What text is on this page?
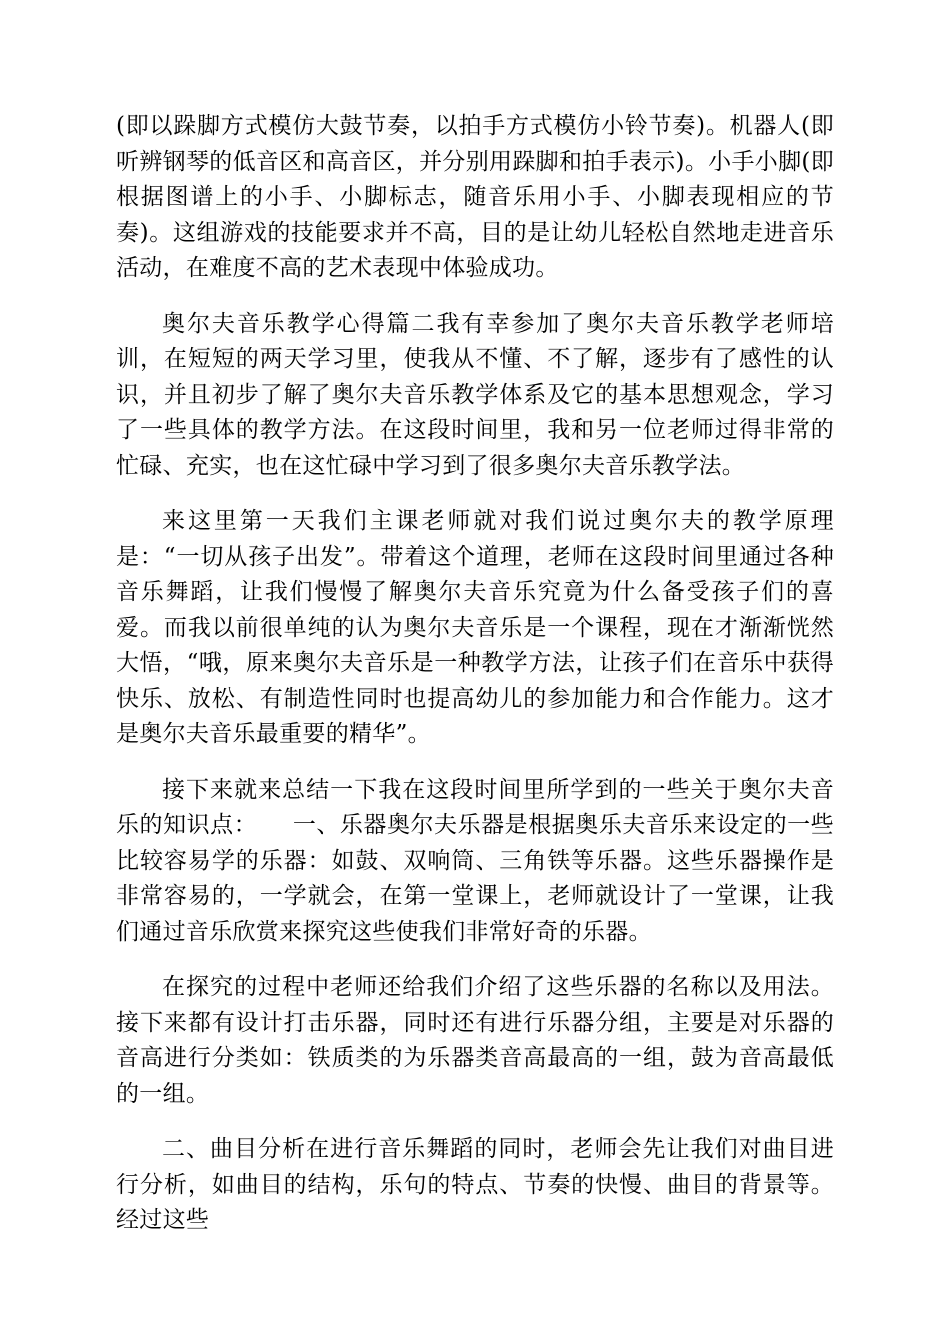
(即以跺脚方式模仿大鼓节奏，以拍手方式模仿小铃节奏)。机器人(即听辨钢琴的低音区和高音区，并分别用跺脚和拍手表示)。小手小脚(即根据图谱上的小手、小脚标志，随音乐用小手、小脚表现相应的节奏)。这组游戏的技能要求并不高，目的是让幼儿轻松自然地走进音乐活动，在难度不高的艺术表现中体验成功。

奥尔夫音乐教学心得篇二我有幸参加了奥尔夫音乐教学老师培训，在短短的两天学习里，使我从不懂、不了解，逐步有了感性的认识，并且初步了解了奥尔夫音乐教学体系及它的基本思想观念，学习了一些具体的教学方法。在这段时间里，我和另一位老师过得非常的忙碌、充实，也在这忙碌中学习到了很多奥尔夫音乐教学法。

来这里第一天我们主课老师就对我们说过奥尔夫的教学原理是：“一切从孩子出发”。带着这个道理，老师在这段时间里通过各种音乐舞蹈，让我们慢慢了解奥尔夫音乐究竟为什么备受孩子们的喜爱。而我以前很单纯的认为奥尔夫音乐是一个课程，现在才渐渐恍然大悟，“哦，原来奥尔夫音乐是一种教学方法，让孩子们在音乐中获得快乐、放松、有制造性同时也提高幼儿的参加能力和合作能力。这才是奥尔夫音乐最重要的精华”。

接下来就来总结一下我在这段时间里所学到的一些关于奥尔夫音乐的知识点：　　一、乐器奥尔夫乐器是根据奥乐夫音乐来设定的一些比较容易学的乐器：如鼓、双响筒、三角铁等乐器。这些乐器操作是非常容易的，一学就会，在第一堂课上，老师就设计了一堂课，让我们通过音乐欣赏来探究这些使我们非常好奇的乐器。

在探究的过程中老师还给我们介绍了这些乐器的名称以及用法。接下来都有设计打击乐器，同时还有进行乐器分组，主要是对乐器的音高进行分类如：铁质类的为乐器类音高最高的一组，鼓为音高最低的一组。

二、曲目分析在进行音乐舞蹈的同时，老师会先让我们对曲目进行分析，如曲目的结构，乐句的特点、节奏的快慢、曲目的背景等。经过这些
